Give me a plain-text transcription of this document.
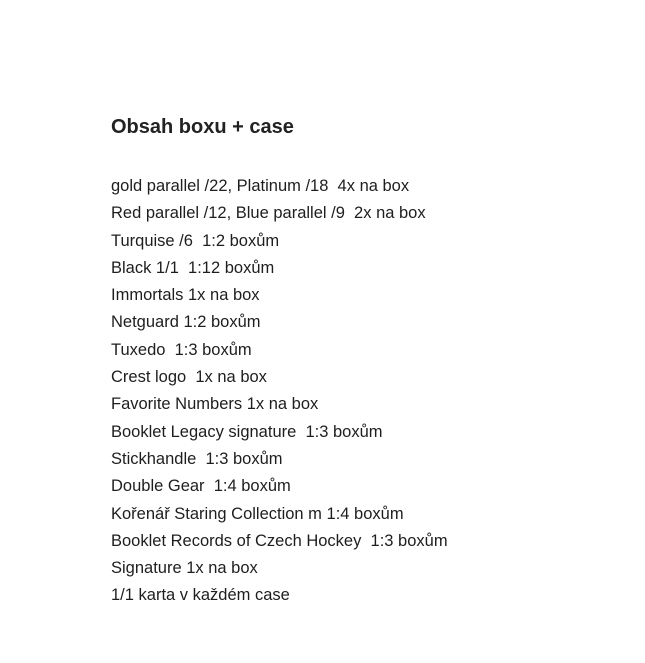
Obsah boxu + case
gold parallel /22, Platinum /18  4x na box
Red parallel /12, Blue parallel /9  2x na box
Turquise /6  1:2 boxům
Black 1/1  1:12 boxům
Immortals 1x na box
Netguard 1:2 boxům
Tuxedo  1:3 boxům
Crest logo  1x na box
Favorite Numbers 1x na box
Booklet Legacy signature  1:3 boxům
Stickhandle  1:3 boxům
Double Gear  1:4 boxům
Kořenář Staring Collection m 1:4 boxům
Booklet Records of Czech Hockey  1:3 boxům
Signature 1x na box
1/1 karta v každém case
